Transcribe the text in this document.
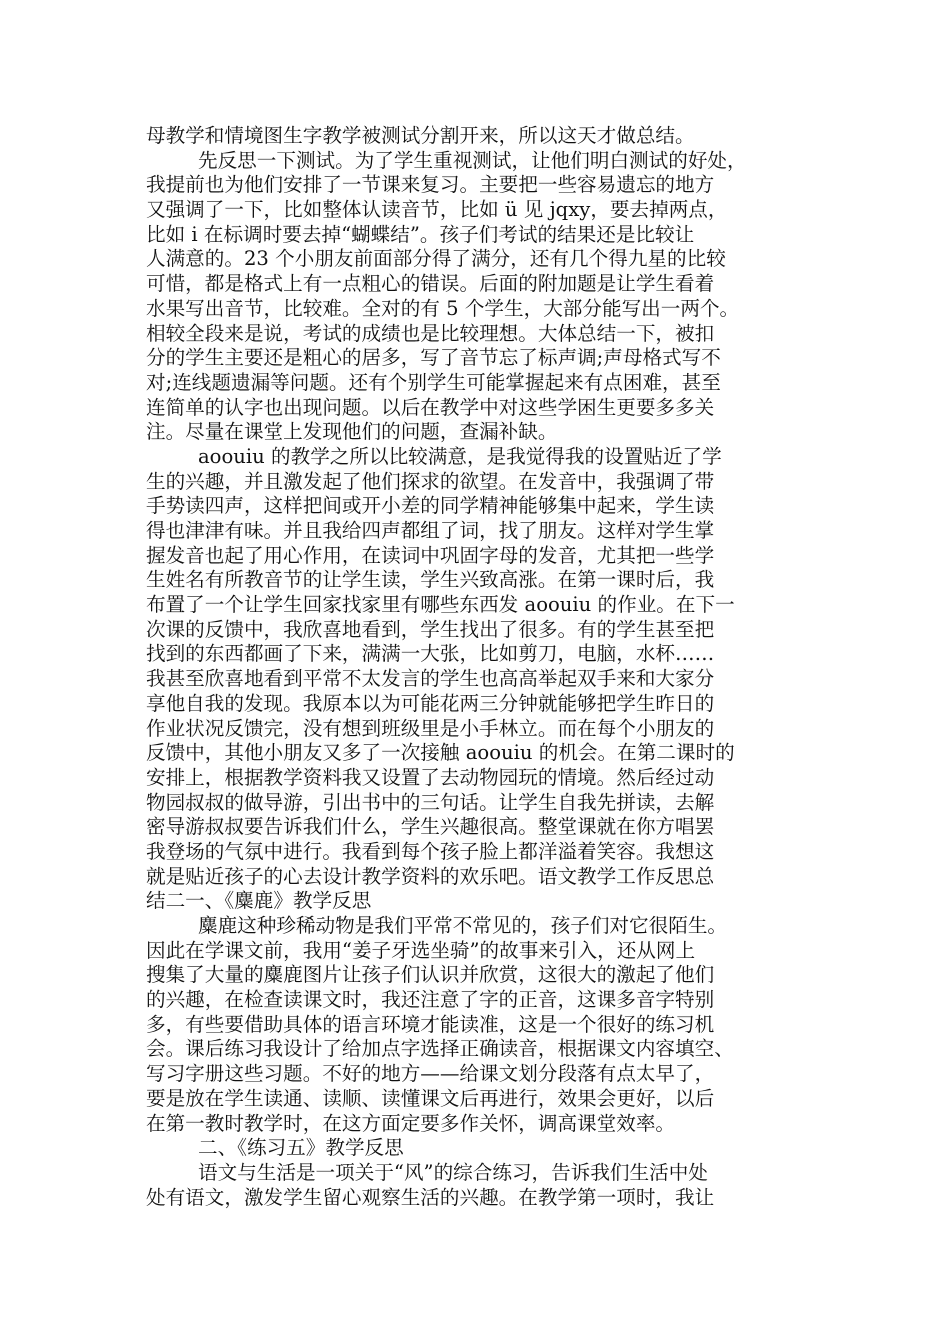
母教学和情境图生字教学被测试分割开来，所以这天才做总结。
先反思一下测试。为了学生重视测试，让他们明白测试的好处，
我提前也为他们安排了一节课来复习。主要把一些容易遗忘的地方
又强调了一下，比如整体认读音节，比如 ü 见 jqxy，要去掉两点，
比如 i 在标调时要去掉“蝴蝶结”。孩子们考试的结果还是比较让
人满意的。23 个小朋友前面部分得了满分，还有几个得九星的比较
可惜，都是格式上有一点粗心的错误。后面的附加题是让学生看着
水果写出音节，比较难。全对的有 5 个学生，大部分能写出一两个。
相较全段来是说，考试的成绩也是比较理想。大体总结一下，被扣
分的学生主要还是粗心的居多，写了音节忘了标声调;声母格式写不
对;连线题遗漏等问题。还有个别学生可能掌握起来有点困难，甚至
连简单的认字也出现问题。以后在教学中对这些学困生更要多多关
注。尽量在课堂上发现他们的问题，查漏补缺。
aoouiu 的教学之所以比较满意，是我觉得我的设置贴近了学
生的兴趣，并且激发起了他们探求的欲望。在发音中，我强调了带
手势读四声，这样把间或开小差的同学精神能够集中起来，学生读
得也津津有味。并且我给四声都组了词，找了朋友。这样对学生掌
握发音也起了用心作用，在读词中巩固字母的发音，尤其把一些学
生姓名有所教音节的让学生读，学生兴致高涨。在第一课时后，我
布置了一个让学生回家找家里有哪些东西发 aoouiu 的作业。在下一
次课的反馈中，我欣喜地看到，学生找出了很多。有的学生甚至把
找到的东西都画了下来，满满一大张，比如剪刀，电脑，水杯……
我甚至欣喜地看到平常不太发言的学生也高高举起双手来和大家分
享他自我的发现。我原本以为可能花两三分钟就能够把学生昨日的
作业状况反馈完，没有想到班级里是小手林立。而在每个小朋友的
反馈中，其他小朋友又多了一次接触 aoouiu 的机会。在第二课时的
安排上，根据教学资料我又设置了去动物园玩的情境。然后经过动
物园叔叔的做导游，引出书中的三句话。让学生自我先拼读，去解
密导游叔叔要告诉我们什么，学生兴趣很高。整堂课就在你方唱罢
我登场的气氛中进行。我看到每个孩子脸上都洋溢着笑容。我想这
就是贴近孩子的心去设计教学资料的欢乐吧。语文教学工作反思总
结二一、《麋鹿》教学反思
麋鹿这种珍稀动物是我们平常不常见的，孩子们对它很陌生。
因此在学课文前，我用“姜子牙选坐骑”的故事来引入，还从网上
搜集了大量的麋鹿图片让孩子们认识并欣赏，这很大的激起了他们
的兴趣，在检查读课文时，我还注意了字的正音，这课多音字特别
多，有些要借助具体的语言环境才能读准，这是一个很好的练习机
会。课后练习我设计了给加点字选择正确读音，根据课文内容填空、
写习字册这些习题。不好的地方——给课文划分段落有点太早了，
要是放在学生读通、读顺、读懂课文后再进行，效果会更好，以后
在第一教时教学时，在这方面定要多作关怀，调高课堂效率。
二、《练习五》教学反思
语文与生活是一项关于“风”的综合练习，告诉我们生活中处
处有语文，激发学生留心观察生活的兴趣。在教学第一项时，我让
